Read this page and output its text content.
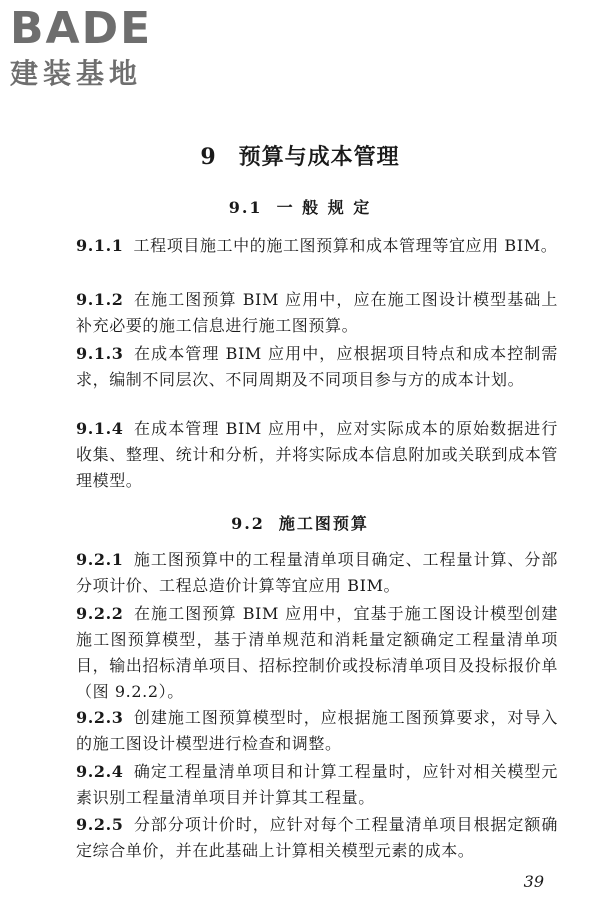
BADE
建装基地
9 预算与成本管理
9.1 一 般 规 定
9.1.1 工程项目施工中的施工图预算和成本管理等宜应用 BIM。
9.1.2 在施工图预算 BIM 应用中，应在施工图设计模型基础上补充必要的施工信息进行施工图预算。
9.1.3 在成本管理 BIM 应用中，应根据项目特点和成本控制需求，编制不同层次、不同周期及不同项目参与方的成本计划。
9.1.4 在成本管理 BIM 应用中，应对实际成本的原始数据进行收集、整理、统计和分析，并将实际成本信息附加或关联到成本管理模型。
9.2 施工图预算
9.2.1 施工图预算中的工程量清单项目确定、工程量计算、分部分项计价、工程总造价计算等宜应用 BIM。
9.2.2 在施工图预算 BIM 应用中，宜基于施工图设计模型创建施工图预算模型，基于清单规范和消耗量定额确定工程量清单项目，输出招标清单项目、招标控制价或投标清单项目及投标报价单（图 9.2.2）。
9.2.3 创建施工图预算模型时，应根据施工图预算要求，对导入的施工图设计模型进行检查和调整。
9.2.4 确定工程量清单项目和计算工程量时，应针对相关模型元素识别工程量清单项目并计算其工程量。
9.2.5 分部分项计价时，应针对每个工程量清单项目根据定额确定综合单价，并在此基础上计算相关模型元素的成本。
39
